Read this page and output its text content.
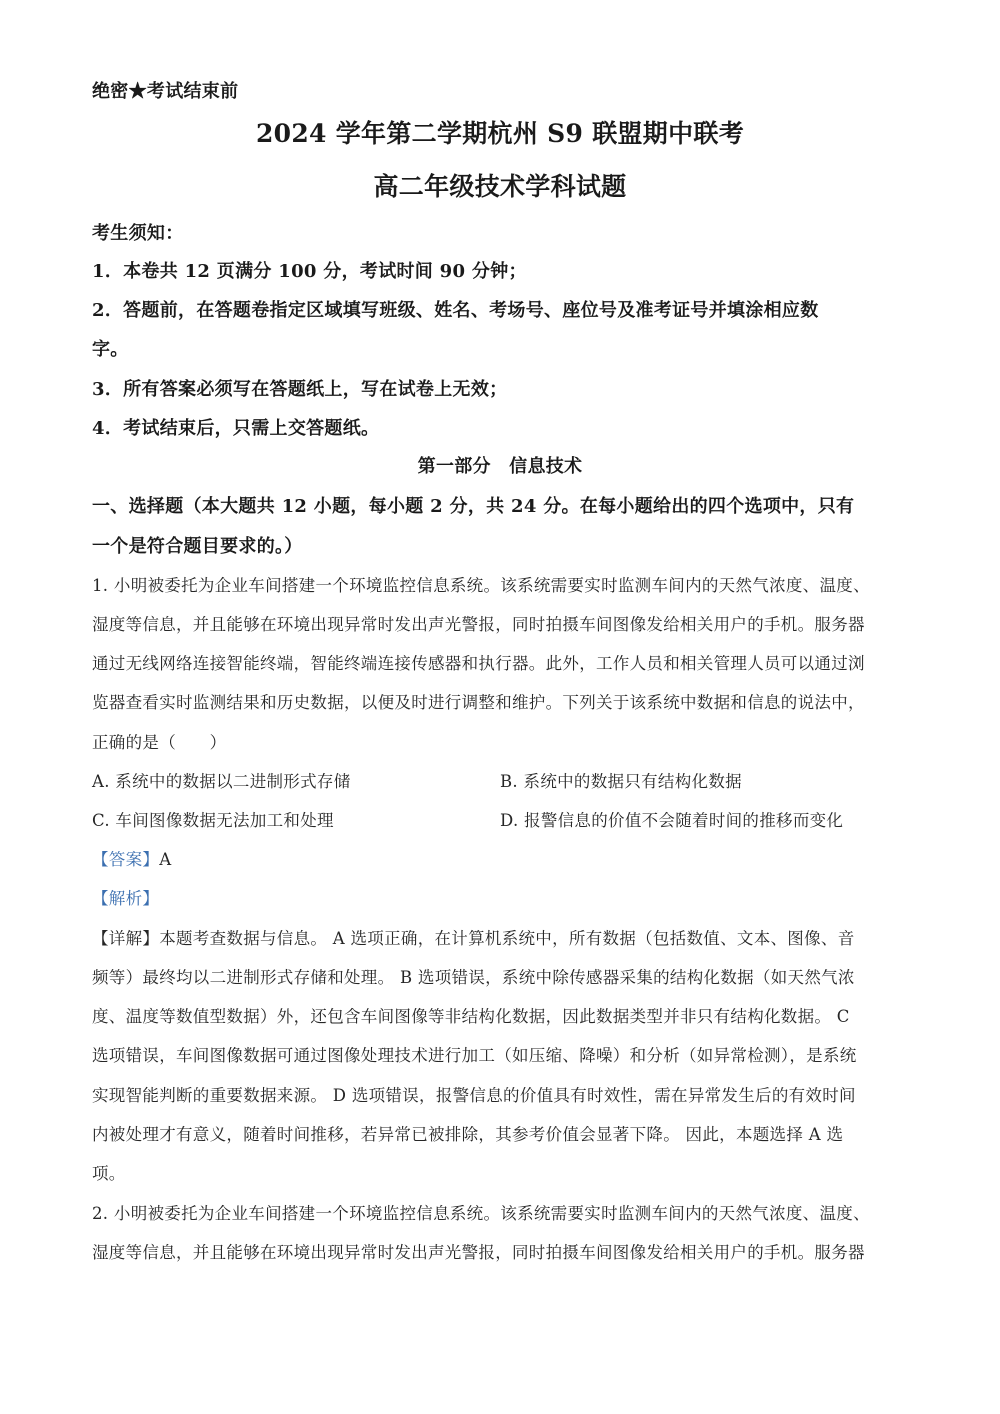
绝密★考试结束前
2024 学年第二学期杭州 S9 联盟期中联考
高二年级技术学科试题
考生须知：
1．本卷共 12 页满分 100 分，考试时间 90 分钟；
2．答题前，在答题卷指定区域填写班级、姓名、考场号、座位号及准考证号并填涂相应数
字。
3．所有答案必须写在答题纸上，写在试卷上无效；
4．考试结束后，只需上交答题纸。
第一部分　信息技术
一、选择题（本大题共 12 小题，每小题 2 分，共 24 分。在每小题给出的四个选项中，只有
一个是符合题目要求的。）
1. 小明被委托为企业车间搭建一个环境监控信息系统。该系统需要实时监测车间内的天然气浓度、温度、
湿度等信息，并且能够在环境出现异常时发出声光警报，同时拍摄车间图像发给相关用户的手机。服务器
通过无线网络连接智能终端，智能终端连接传感器和执行器。此外，工作人员和相关管理人员可以通过浏
览器查看实时监测结果和历史数据，以便及时进行调整和维护。下列关于该系统中数据和信息的说法中，
正确的是（　　）
A. 系统中的数据以二进制形式存储	B. 系统中的数据只有结构化数据
C. 车间图像数据无法加工和处理	D. 报警信息的价值不会随着时间的推移而变化
【答案】A
【解析】
【详解】本题考查数据与信息。 A 选项正确，在计算机系统中，所有数据（包括数值、文本、图像、音
频等）最终均以二进制形式存储和处理。 B 选项错误，系统中除传感器采集的结构化数据（如天然气浓
度、温度等数值型数据）外，还包含车间图像等非结构化数据，因此数据类型并非只有结构化数据。 C
选项错误，车间图像数据可通过图像处理技术进行加工（如压缩、降噪）和分析（如异常检测），是系统
实现智能判断的重要数据来源。 D 选项错误，报警信息的价值具有时效性，需在异常发生后的有效时间
内被处理才有意义，随着时间推移，若异常已被排除，其参考价值会显著下降。 因此，本题选择 A 选
项。
2. 小明被委托为企业车间搭建一个环境监控信息系统。该系统需要实时监测车间内的天然气浓度、温度、
湿度等信息，并且能够在环境出现异常时发出声光警报，同时拍摄车间图像发给相关用户的手机。服务器
